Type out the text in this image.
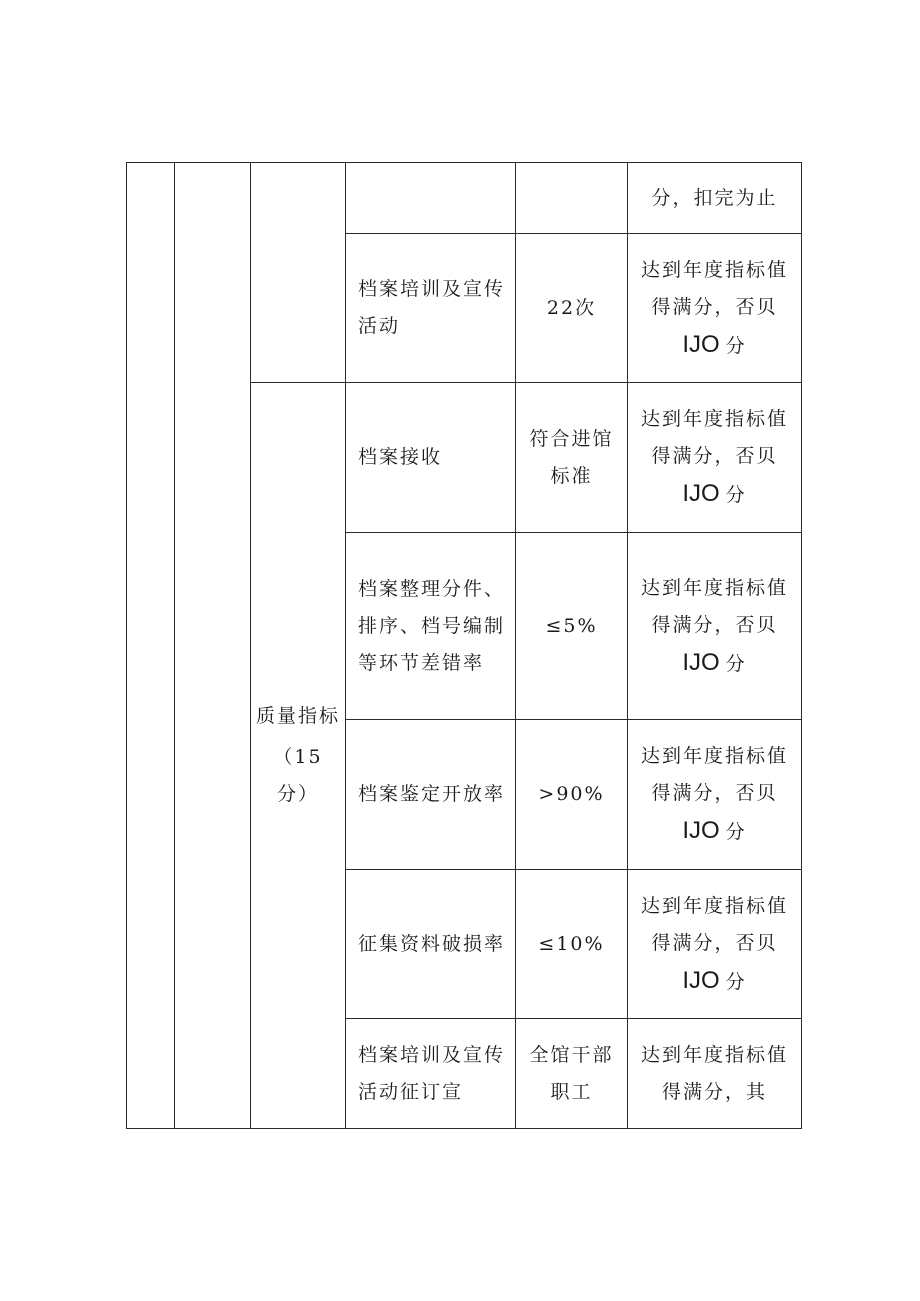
质量指标
（15分）
分，扣完为止
档案培训及宣传活动
22次
达到年度指标值
得满分，否贝
IJO 分
档案接收
符合进馆标准
达到年度指标值
得满分，否贝
IJO 分
档案整理分件、排序、档号编制等环节差错率
≤5%
达到年度指标值
得满分，否贝
IJO 分
档案鉴定开放率 >90%
达到年度指标值
得满分，否贝
IJO 分
征集资料破损率 ≤10%
达到年度指标值
得满分，否贝
IJO 分
档案培训及宣传活动征订宣
全馆干部职工
达到年度指标值
得满分，其
